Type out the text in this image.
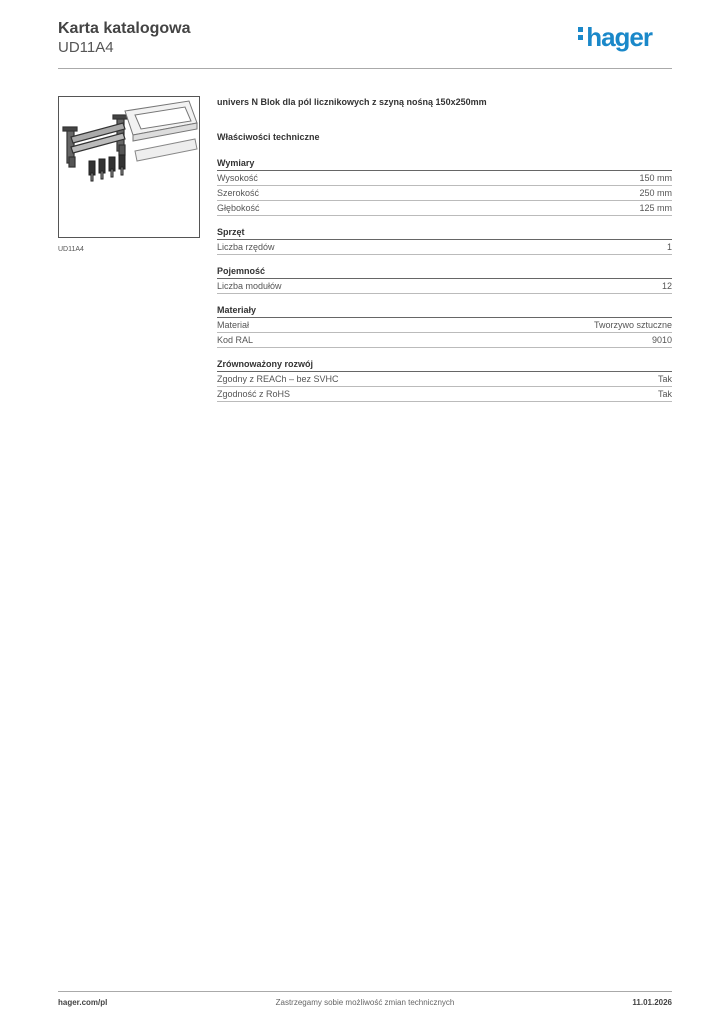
Karta katalogowa
UD11A4	hager
UD11A4
univers N Blok dla pól licznikowych z szyną nośną 150x250mm
Właściwości techniczne
Wymiary
Wysokość	150 mm
Szerokość	250 mm
Głębokość	125 mm
Sprzęt
Liczba rzędów	1
Pojemność
Liczba modułów	12
Materiały
Materiał	Tworzywo sztuczne
Kod RAL	9010
Zrównoważony rozwój
Zgodny z REACh – bez SVHC	Tak
Zgodność z RoHS	Tak
Zastrzegamy sobie możliwość zmian technicznych
hager.com/pl	11.01.2026
